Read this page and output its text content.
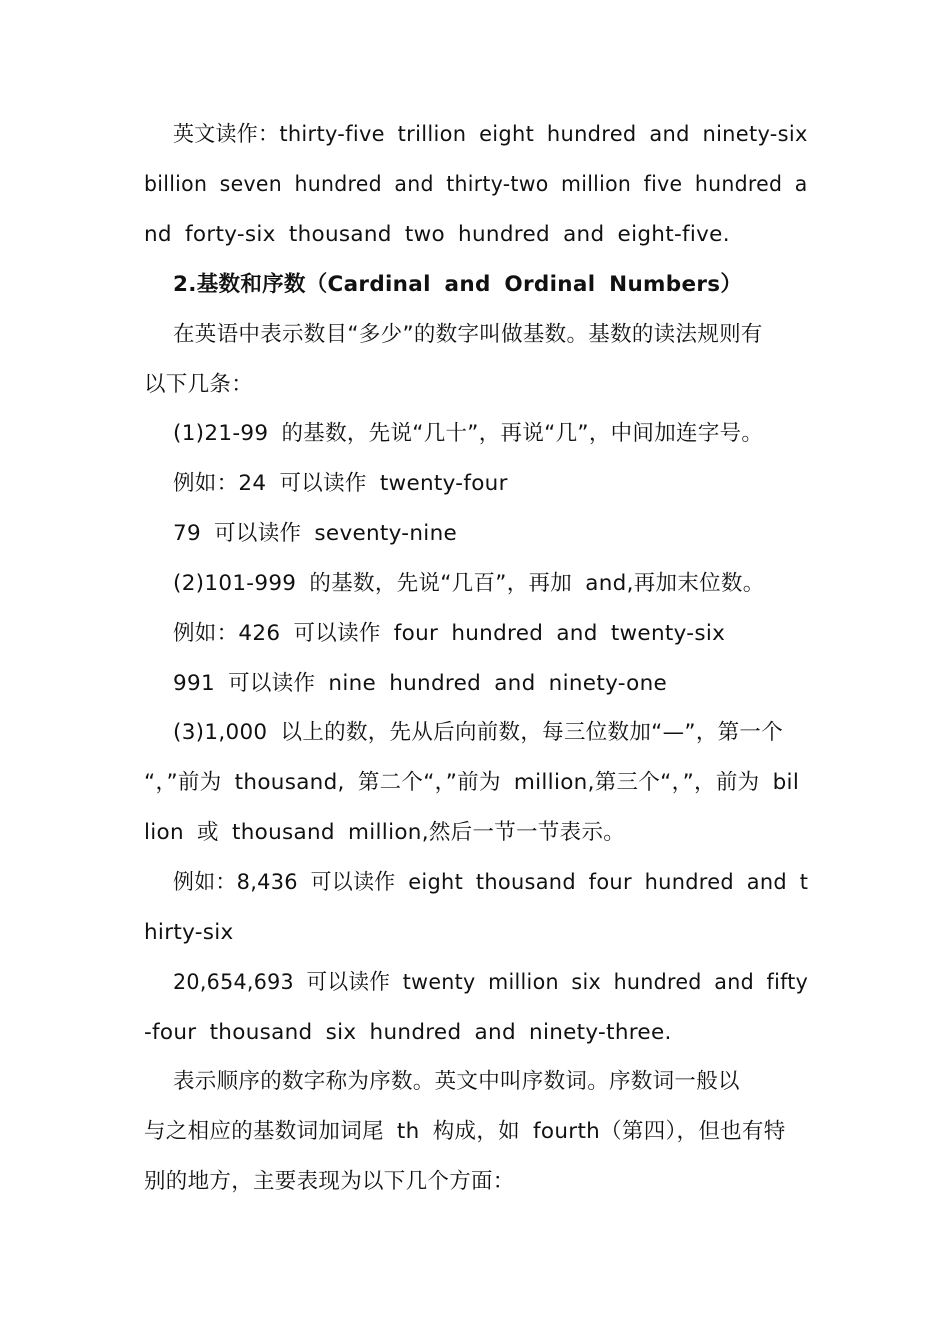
英文读作：thirty-five trillion eight hundred and ninety-six
billion seven hundred and thirty-two million five hundred a
nd forty-six thousand two hundred and eight-five.
2.基数和序数（Cardinal and Ordinal Numbers）
在英语中表示数目“多少”的数字叫做基数。基数的读法规则有
以下几条：
(1)21-99 的基数，先说“几十”，再说“几”，中间加连字号。
例如：24 可以读作 twenty-four
79 可以读作 seventy-nine
(2)101-999 的基数，先说“几百”，再加 and,再加末位数。
例如：426 可以读作 four hundred and twenty-six
991 可以读作 nine hundred and ninety-one
(3)1,000 以上的数，先从后向前数，每三位数加“—”，第一个
“，”前为 thousand, 第二个“，”前为 million,第三个“，”，前为 bil
lion 或 thousand million,然后一节一节表示。
例如：8,436 可以读作 eight thousand four hundred and t
hirty-six
20,654,693 可以读作 twenty million six hundred and fifty
-four thousand six hundred and ninety-three.
表示顺序的数字称为序数。英文中叫序数词。序数词一般以
与之相应的基数词加词尾 th 构成，如 fourth（第四），但也有特
别的地方，主要表现为以下几个方面：
